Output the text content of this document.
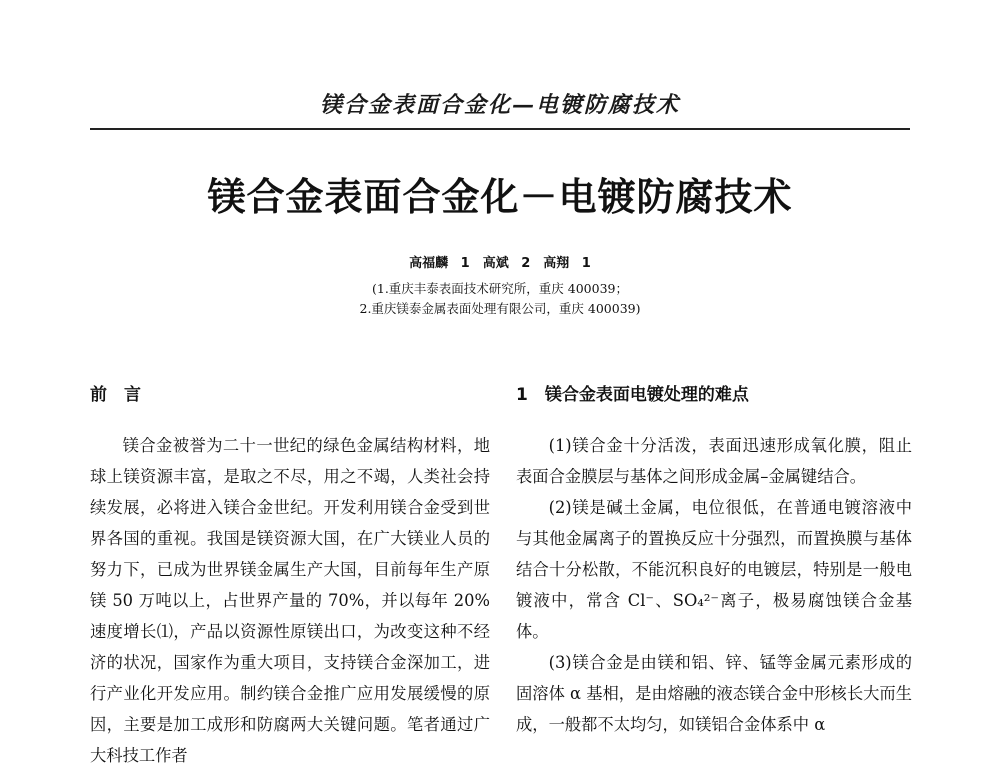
镁合金表面合金化—电镀防腐技术
镁合金表面合金化－电镀防腐技术
高福麟 1　高斌 2　高翔 1
(1.重庆丰泰表面技术研究所，重庆 400039；
2.重庆镁泰金属表面处理有限公司，重庆 400039)
前　言

镁合金被誉为二十一世纪的绿色金属结构材料，地球上镁资源丰富，是取之不尽，用之不竭，人类社会持续发展，必将进入镁合金世纪。开发利用镁合金受到世界各国的重视。我国是镁资源大国，在广大镁业人员的努力下，已成为世界镁金属生产大国，目前每年生产原镁 50 万吨以上，占世界产量的 70%，并以每年 20%速度增长⑴，产品以资源性原镁出口，为改变这种不经济的状况，国家作为重大项目，支持镁合金深加工，进行产业化开发应用。制约镁合金推广应用发展缓慢的原因，主要是加工成形和防腐两大关键问题。笔者通过广大科技工作者

1　镁合金表面电镀处理的难点

(1)镁合金十分活泼，表面迅速形成氧化膜，阻止表面合金膜层与基体之间形成金属–金属键结合。

(2)镁是碱土金属，电位很低，在普通电镀溶液中与其他金属离子的置换反应十分强烈，而置换膜与基体结合十分松散，不能沉积良好的电镀层，特别是一般电镀液中，常含 Cl⁻、SO₄²⁻离子，极易腐蚀镁合金基体。

(3)镁合金是由镁和铝、锌、锰等金属元素形成的固溶体 α 基相，是由熔融的液态镁合金中形核长大而生成，一般都不太均匀，如镁铝合金体系中 α
